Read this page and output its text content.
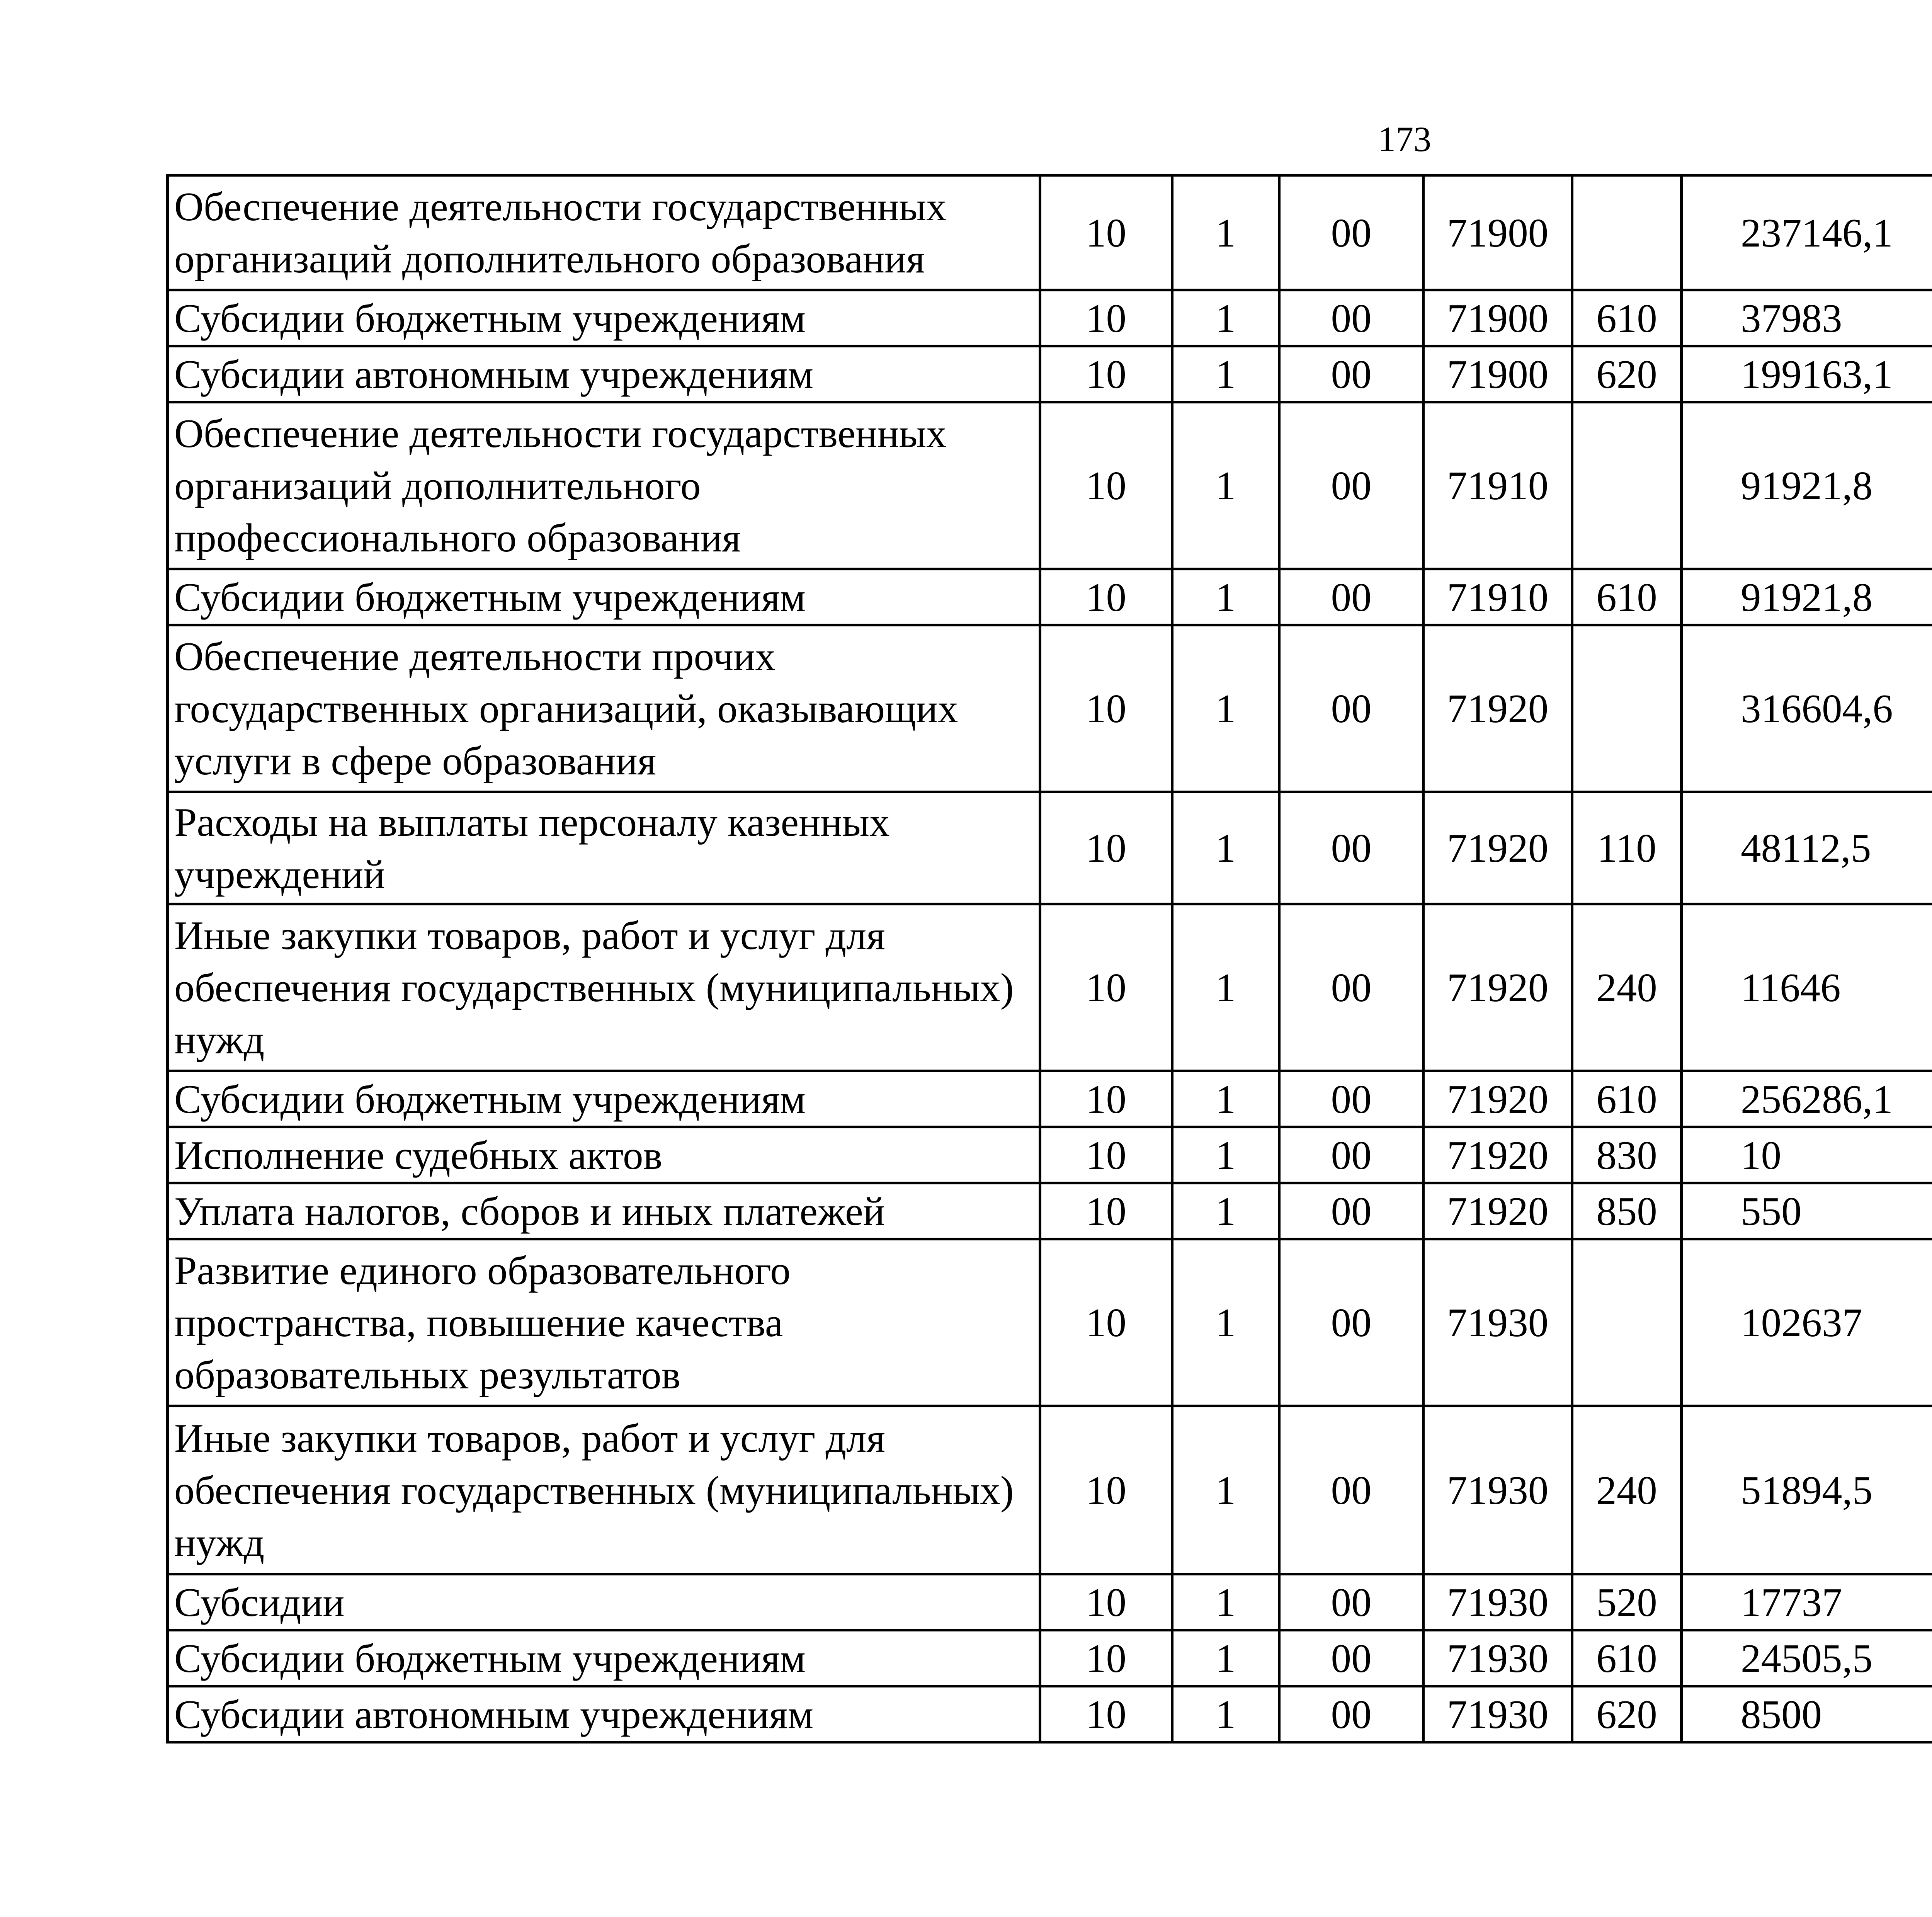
173
Обеспечение деятельности государственных организаций дополнительного образования	10	1	00	71900		237146,1		
Субсидии бюджетным учреждениям	10	1	00	71900	610	37983		
Субсидии автономным учреждениям	10	1	00	71900	620	199163,1		
Обеспечение деятельности государственных организаций дополнительного профессионального образования	10	1	00	71910		91921,8		
Субсидии бюджетным учреждениям	10	1	00	71910	610	91921,8		
Обеспечение деятельности прочих государственных организаций, оказывающих услуги в сфере образования	10	1	00	71920		316604,6		
Расходы на выплаты персоналу казенных учреждений	10	1	00	71920	110	48112,5		
Иные закупки товаров, работ и услуг для обеспечения государственных (муниципальных) нужд	10	1	00	71920	240	11646		
Субсидии бюджетным учреждениям	10	1	00	71920	610	256286,1		
Исполнение судебных актов	10	1	00	71920	830	10		
Уплата налогов, сборов и иных платежей	10	1	00	71920	850	550		
Развитие единого образовательного пространства, повышение качества образовательных результатов	10	1	00	71930		102637		
Иные закупки товаров, работ и услуг для обеспечения государственных (муниципальных) нужд	10	1	00	71930	240	51894,5		
Субсидии	10	1	00	71930	520	17737		
Субсидии бюджетным учреждениям	10	1	00	71930	610	24505,5		
Субсидии автономным учреждениям	10	1	00	71930	620	8500		
